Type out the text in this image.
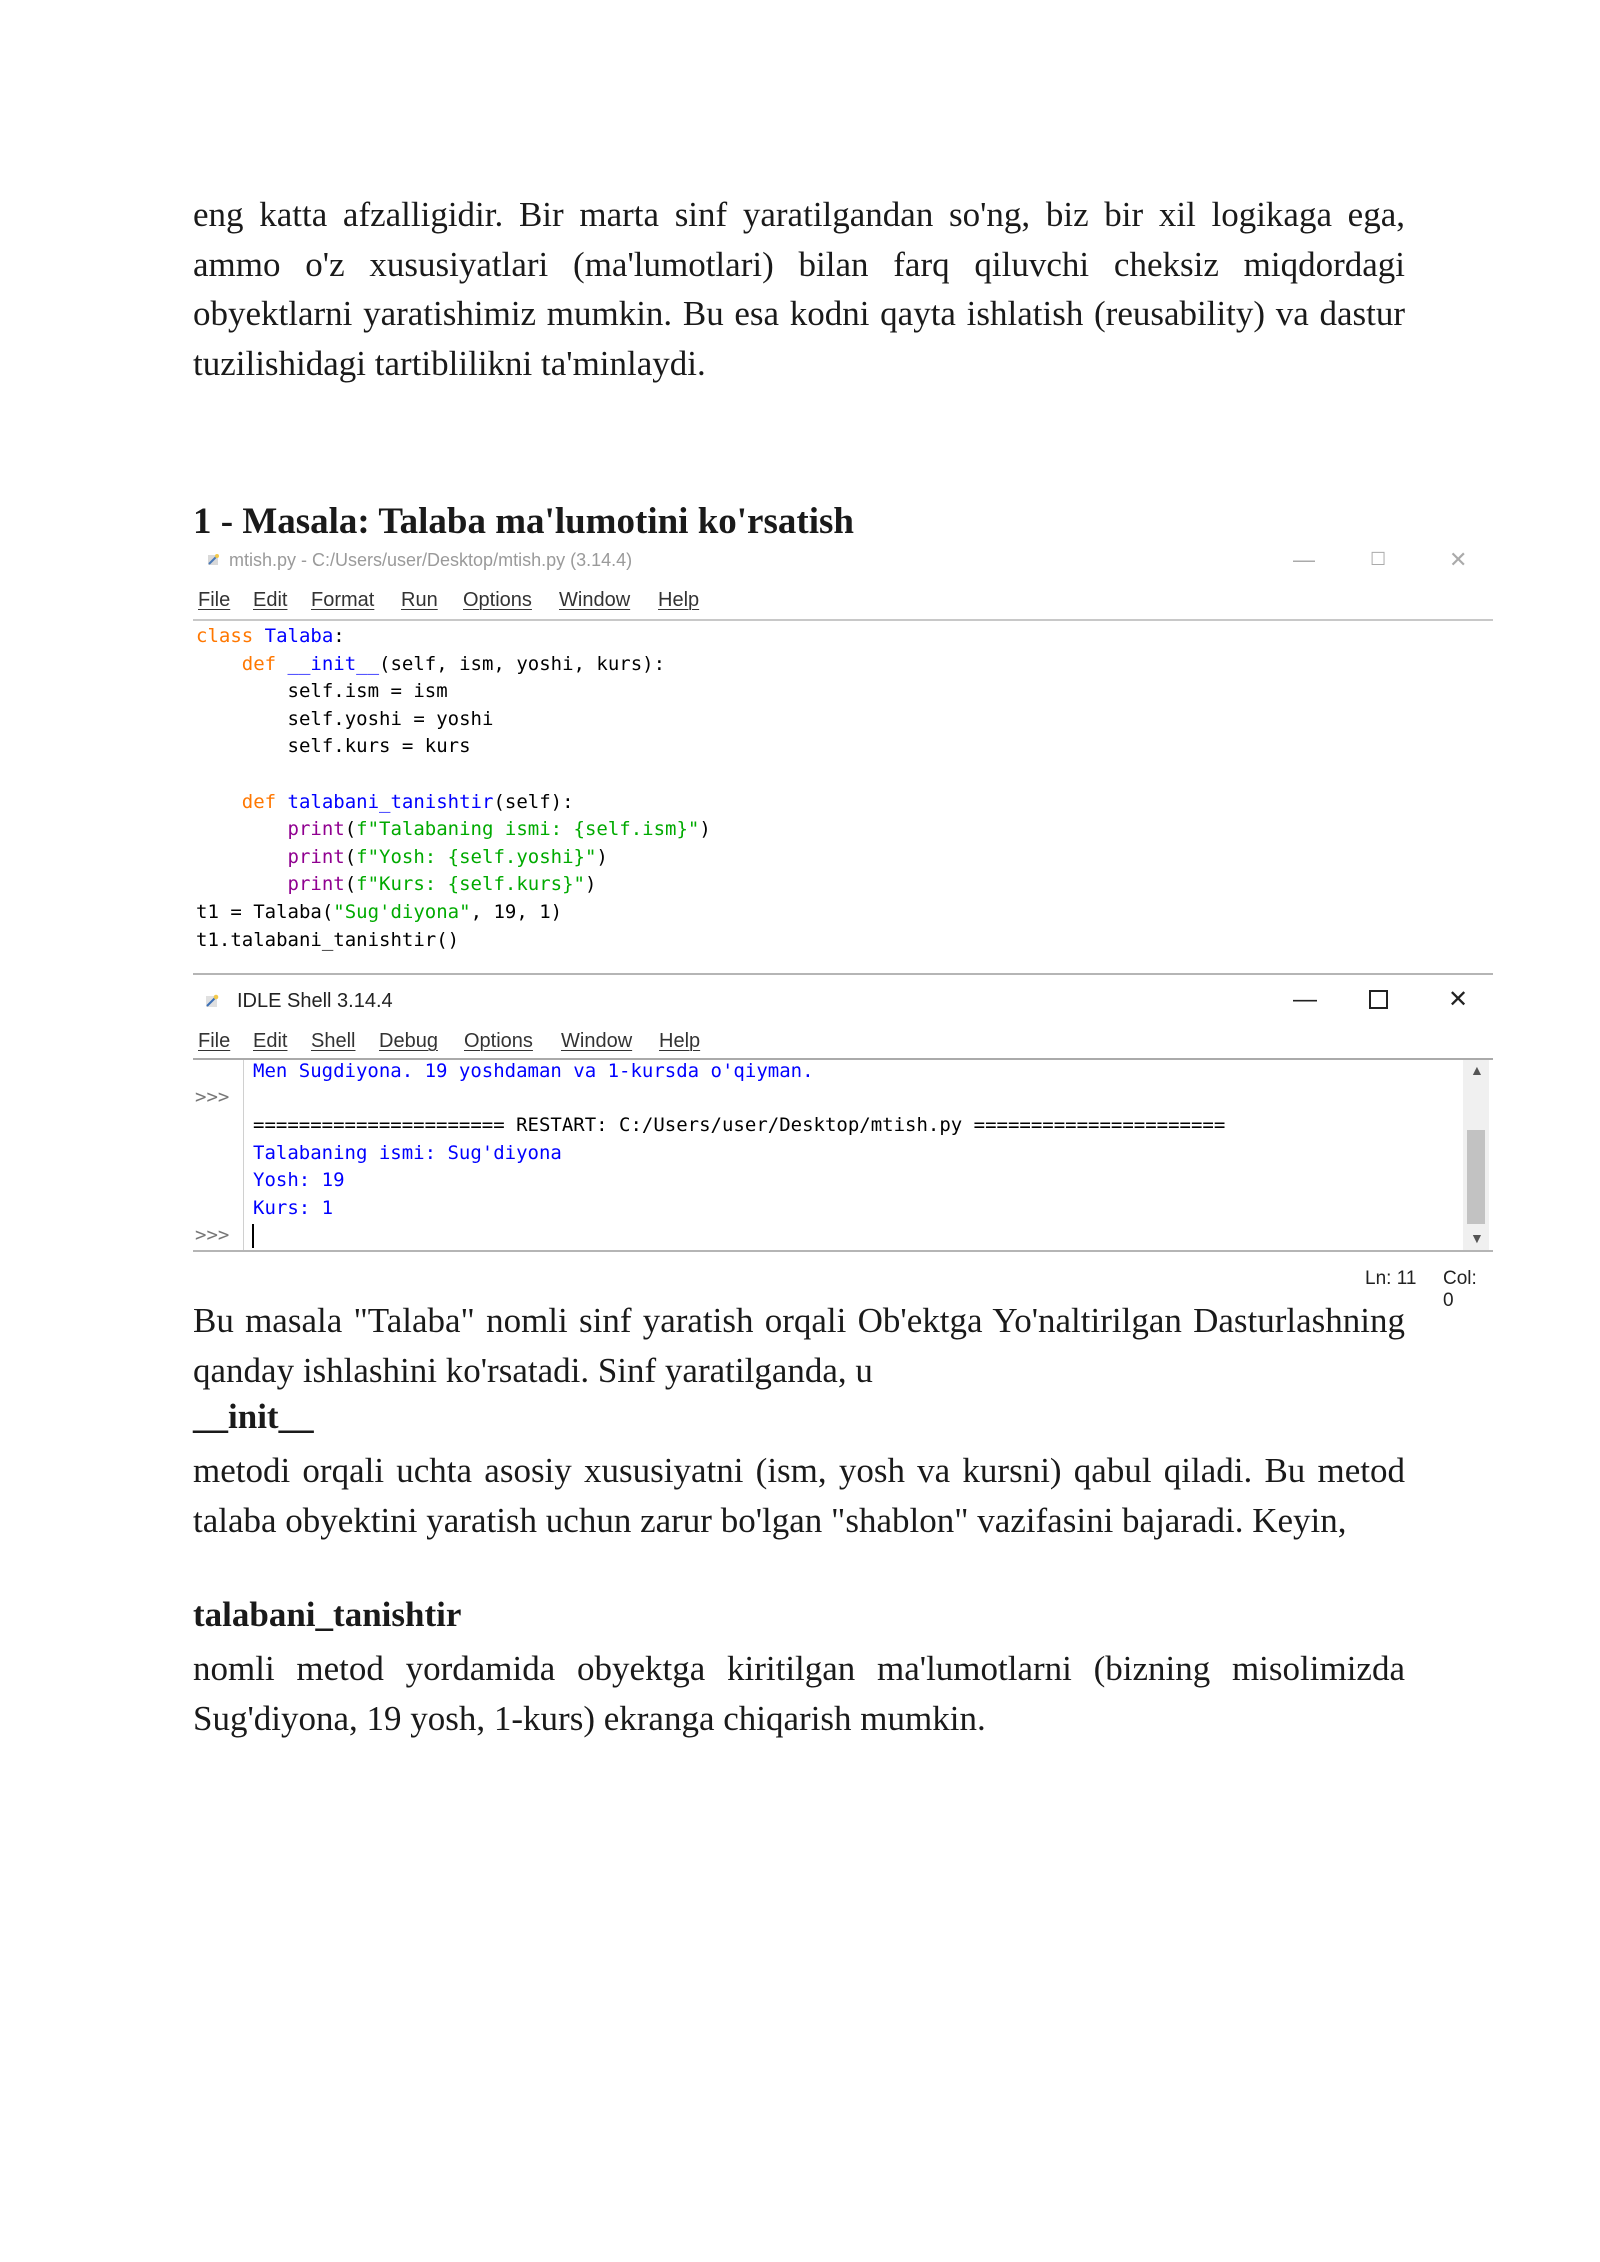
eng katta afzalligidir. Bir marta sinf yaratilgandan so'ng, biz bir xil logikaga ega, ammo o'z xususiyatlari (ma'lumotlari) bilan farq qiluvchi cheksiz miqdordagi obyektlarni yaratishimiz mumkin. Bu esa kodni qayta ishlatish (reusability) va dastur tuzilishidagi tartiblilikni ta'minlaydi.

1 - Masala: Talaba ma'lumotini ko'rsatish
mtish.py - C:/Users/user/Desktop/mtish.py (3.14.4)	—	☐	✕
File Edit Format Run Options Window Help
class Talaba:
def __init__(self, ism, yoshi, kurs):
self.ism = ism
self.yoshi = yoshi
self.kurs = kurs

def talabani_tanishtir(self):
print(f"Talabaning ismi: {self.ism}")
print(f"Yosh: {self.yoshi}")
print(f"Kurs: {self.kurs}")
t1 = Talaba("Sug'diyona", 19, 1)
t1.talabani_tanishtir()
IDLE Shell 3.14.4	—	✕
File Edit Shell Debug Options Window Help
>>>
>>>
Men Sugdiyona. 19 yoshdaman va 1-kursda o'qiyman.
====================== RESTART: C:/Users/user/Desktop/mtish.py ======================
Talabaning ismi: Sug'diyona
Yosh: 19
Kurs: 1
▲
▼
Ln: 11 Col: 0

Bu masala "Talaba" nomli sinf yaratish orqali Ob'ektga Yo'naltirilgan Dasturlashning qanday ishlashini ko'rsatadi. Sinf yaratilganda, u

__init__

metodi orqali uchta asosiy xususiyatni (ism, yosh va kursni) qabul qiladi. Bu metod talaba obyektini yaratish uchun zarur bo'lgan "shablon" vazifasini bajaradi. Keyin,

talabani_tanishtir

nomli metod yordamida obyektga kiritilgan ma'lumotlarni (bizning misolimizda Sug'diyona, 19 yosh, 1-kurs) ekranga chiqarish mumkin.
